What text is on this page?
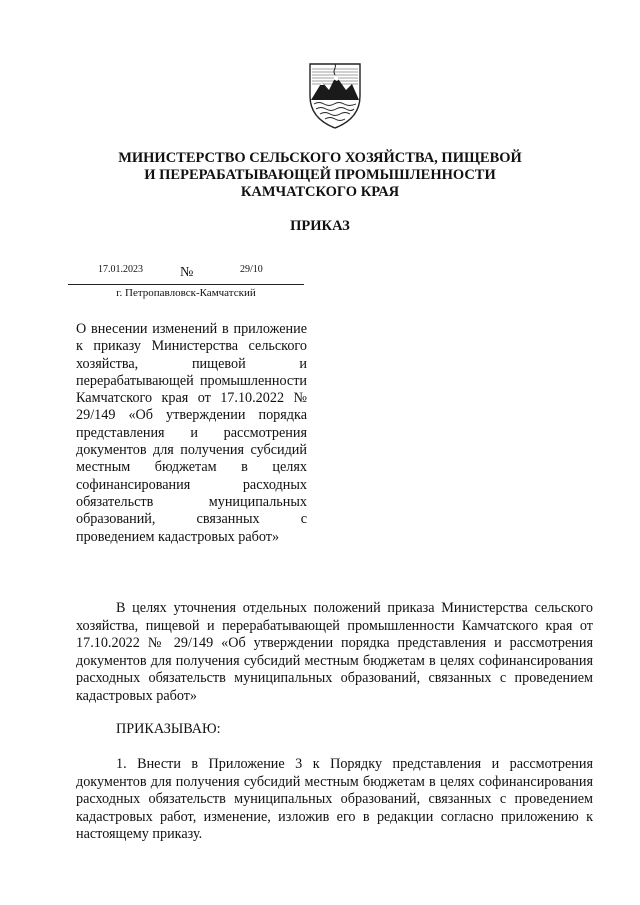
МИНИСТЕРСТВО СЕЛЬСКОГО ХОЗЯЙСТВА, ПИЩЕВОЙ
И ПЕРЕРАБАТЫВАЮЩЕЙ ПРОМЫШЛЕННОСТИ
КАМЧАТСКОГО КРАЯ
ПРИКАЗ
17.01.2023	№	29/10
г. Петропавловск-Камчатский
О внесении изменений в приложение к приказу Министерства сельского хозяйства, пищевой и перерабатывающей промышленности Камчатского края от 17.10.2022 № 29/149 «Об утверждении порядка представления и рассмотрения документов для получения субсидий местным бюджетам в целях софинансирования расходных обязательств муниципальных образований, связанных с проведением кадастровых работ»
В целях уточнения отдельных положений приказа Министерства сельского хозяйства, пищевой и перерабатывающей промышленности Камчатского края от 17.10.2022 № 29/149 «Об утверждении порядка представления и рассмотрения документов для получения субсидий местным бюджетам в целях софинансирования расходных обязательств муниципальных образований, связанных с проведением кадастровых работ»
ПРИКАЗЫВАЮ:
1. Внести в Приложение 3 к Порядку представления и рассмотрения документов для получения субсидий местным бюджетам в целях софинансирования расходных обязательств муниципальных образований, связанных с проведением кадастровых работ, изменение, изложив его в редакции согласно приложению к настоящему приказу.
